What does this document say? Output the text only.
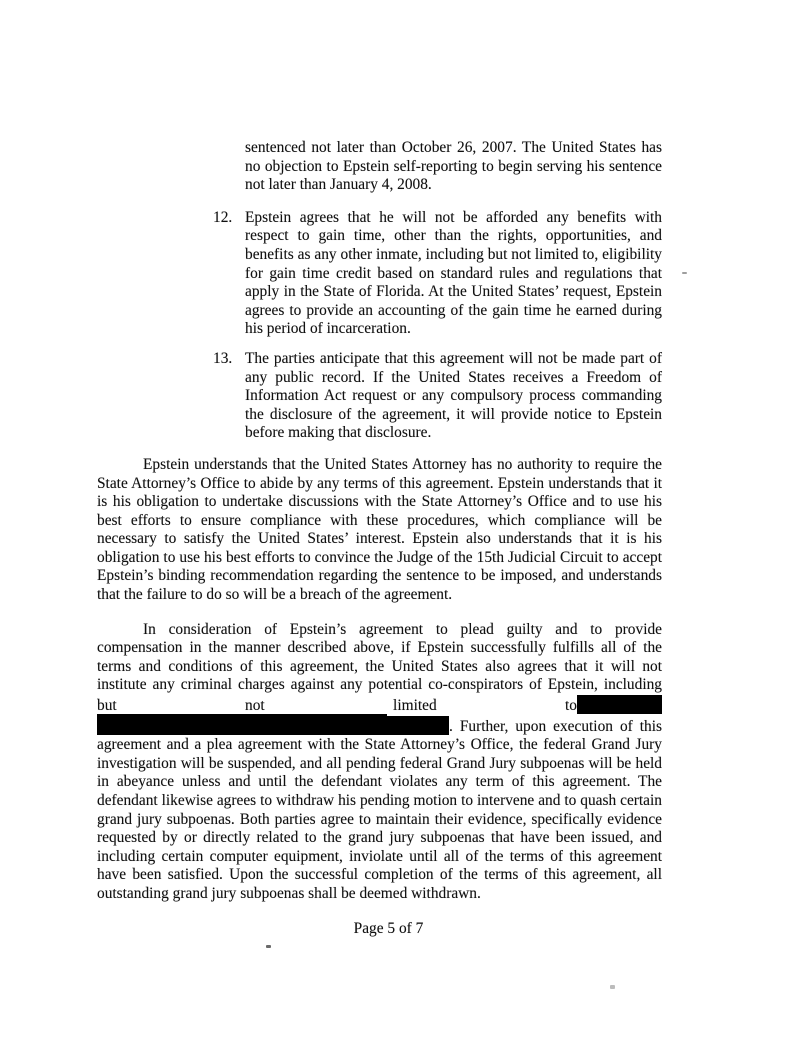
sentenced not later than October 26, 2007. The United States has no objection to Epstein self-reporting to begin serving his sentence not later than January 4, 2008.
12. Epstein agrees that he will not be afforded any benefits with respect to gain time, other than the rights, opportunities, and benefits as any other inmate, including but not limited to, eligibility for gain time credit based on standard rules and regulations that apply in the State of Florida. At the United States’ request, Epstein agrees to provide an accounting of the gain time he earned during his period of incarceration.
13. The parties anticipate that this agreement will not be made part of any public record. If the United States receives a Freedom of Information Act request or any compulsory process commanding the disclosure of the agreement, it will provide notice to Epstein before making that disclosure.
Epstein understands that the United States Attorney has no authority to require the State Attorney’s Office to abide by any terms of this agreement. Epstein understands that it is his obligation to undertake discussions with the State Attorney’s Office and to use his best efforts to ensure compliance with these procedures, which compliance will be necessary to satisfy the United States’ interest. Epstein also understands that it is his obligation to use his best efforts to convince the Judge of the 15th Judicial Circuit to accept Epstein’s binding recommendation regarding the sentence to be imposed, and understands that the failure to do so will be a breach of the agreement.
In consideration of Epstein’s agreement to plead guilty and to provide compensation in the manner described above, if Epstein successfully fulfills all of the terms and conditions of this agreement, the United States also agrees that it will not institute any criminal charges against any potential co-conspirators of Epstein, including but not limited to
. Further, upon execution of this agreement and a plea agreement with the State Attorney’s Office, the federal Grand Jury investigation will be suspended, and all pending federal Grand Jury subpoenas will be held in abeyance unless and until the defendant violates any term of this agreement. The defendant likewise agrees to withdraw his pending motion to intervene and to quash certain grand jury subpoenas. Both parties agree to maintain their evidence, specifically evidence requested by or directly related to the grand jury subpoenas that have been issued, and including certain computer equipment, inviolate until all of the terms of this agreement have been satisfied. Upon the successful completion of the terms of this agreement, all outstanding grand jury subpoenas shall be deemed withdrawn.
Page 5 of 7
